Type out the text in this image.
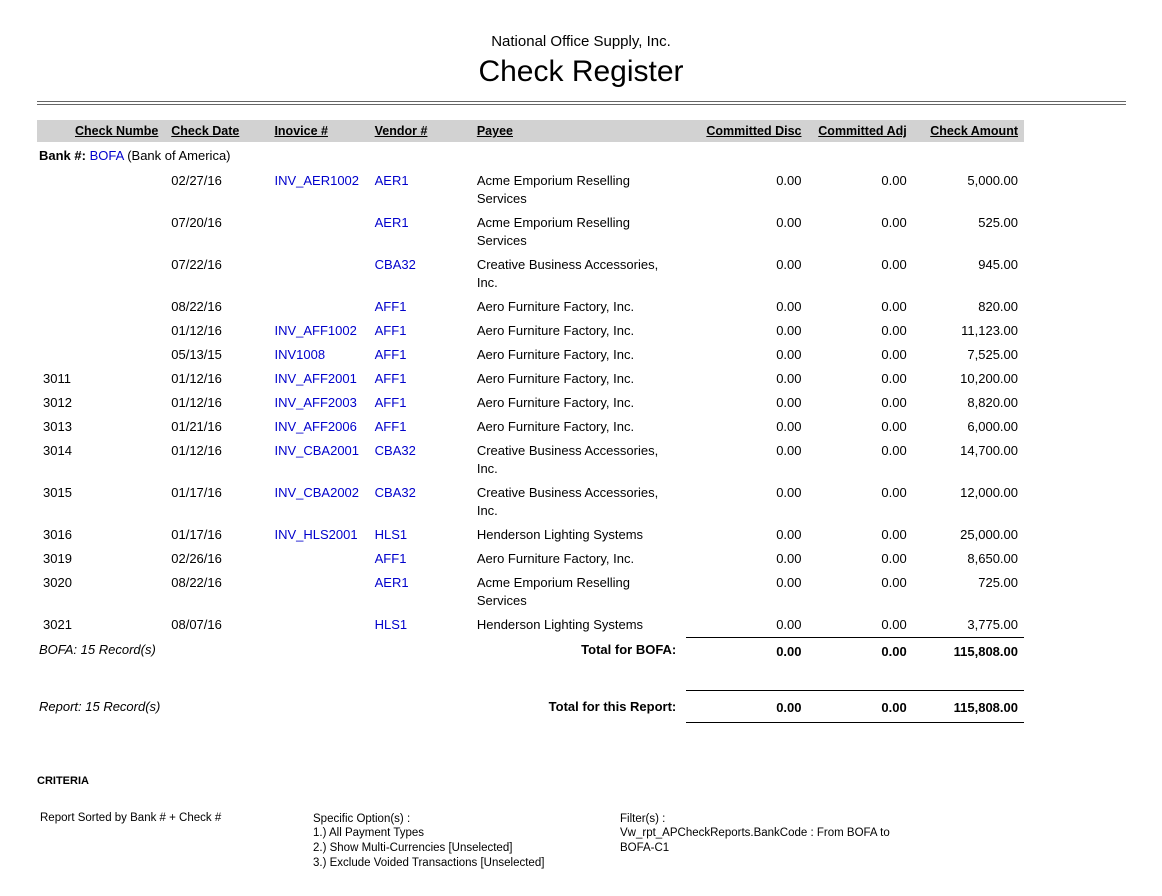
National Office Supply, Inc.
Check Register
Check Numbe	Check Date	Inovice #	Vendor #	Payee	Committed Disc	Committed Adj	Check Amount
Bank #: BOFA (Bank of America)							
	02/27/16	INV_AER1002	AER1	Acme Emporium Reselling Services	0.00	0.00	5,000.00
	07/20/16		AER1	Acme Emporium Reselling Services	0.00	0.00	525.00
	07/22/16		CBA32	Creative Business Accessories, Inc.	0.00	0.00	945.00
	08/22/16		AFF1	Aero Furniture Factory, Inc.	0.00	0.00	820.00
	01/12/16	INV_AFF1002	AFF1	Aero Furniture Factory, Inc.	0.00	0.00	11,123.00
	05/13/15	INV1008	AFF1	Aero Furniture Factory, Inc.	0.00	0.00	7,525.00
3011	01/12/16	INV_AFF2001	AFF1	Aero Furniture Factory, Inc.	0.00	0.00	10,200.00
3012	01/12/16	INV_AFF2003	AFF1	Aero Furniture Factory, Inc.	0.00	0.00	8,820.00
3013	01/21/16	INV_AFF2006	AFF1	Aero Furniture Factory, Inc.	0.00	0.00	6,000.00
3014	01/12/16	INV_CBA2001	CBA32	Creative Business Accessories, Inc.	0.00	0.00	14,700.00
3015	01/17/16	INV_CBA2002	CBA32	Creative Business Accessories, Inc.	0.00	0.00	12,000.00
3016	01/17/16	INV_HLS2001	HLS1	Henderson Lighting Systems	0.00	0.00	25,000.00
3019	02/26/16		AFF1	Aero Furniture Factory, Inc.	0.00	0.00	8,650.00
3020	08/22/16		AER1	Acme Emporium Reselling Services	0.00	0.00	725.00
3021	08/07/16		HLS1	Henderson Lighting Systems	0.00	0.00	3,775.00
BOFA: 15 Record(s)	Total for BOFA:				0.00	0.00	115,808.00

Report: 15 Record(s)	Total for this Report:				0.00	0.00	115,808.00
CRITERIA
Report Sorted by Bank # + Check #	Specific Option(s) :
1.) All Payment Types
2.) Show Multi-Currencies [Unselected]
3.) Exclude Voided Transactions [Unselected]
Filter(s) :
Vw_rpt_APCheckReports.BankCode : From BOFA to
BOFA-C1
